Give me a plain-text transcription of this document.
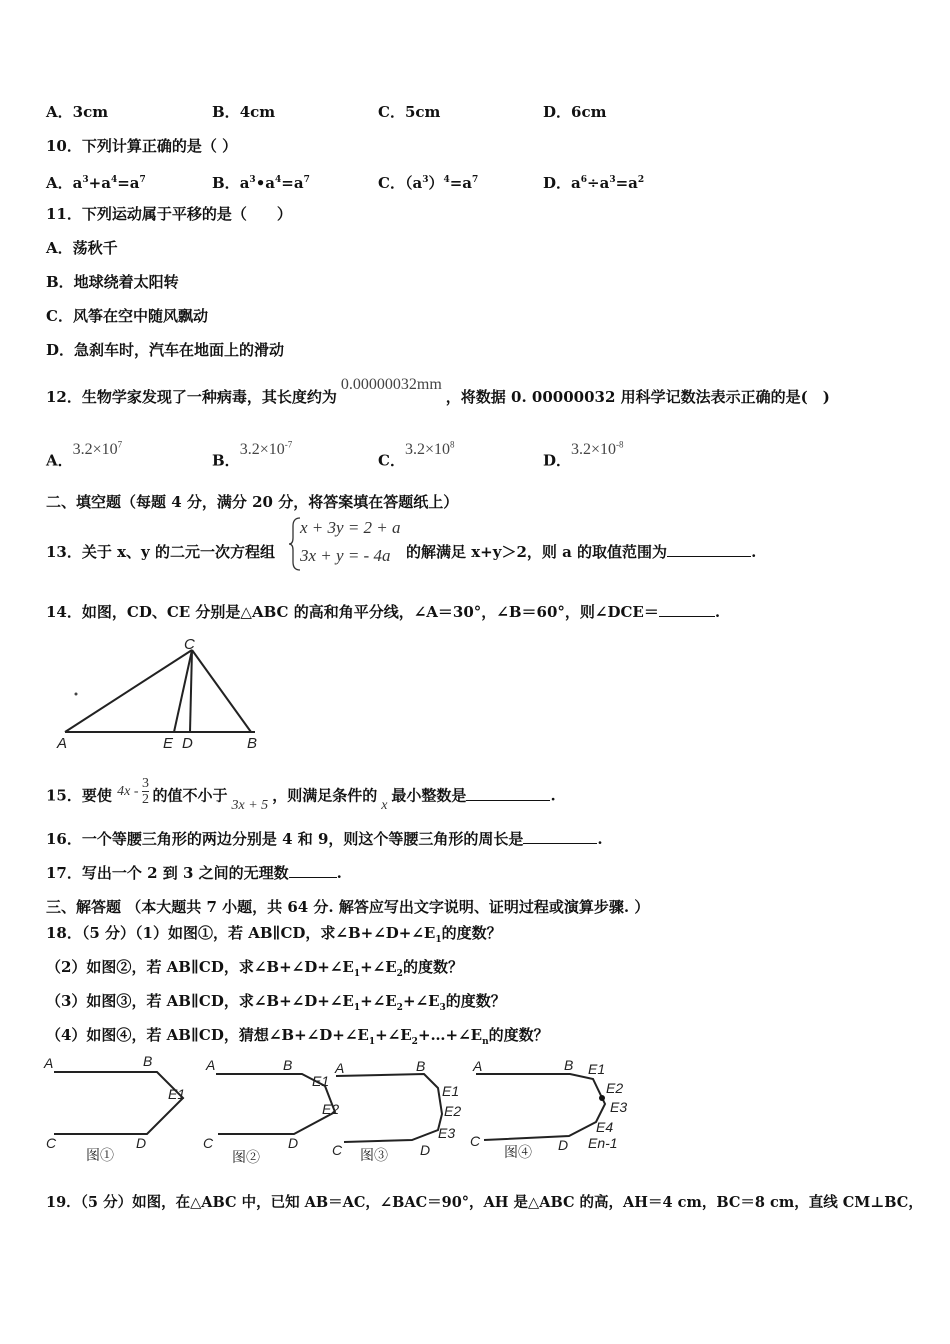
A．3cm	B．4cm	C．5cm	D．6cm
10．下列计算正确的是（ ）
A．$a^3+a^4=a^7$	B．$a^3•a^4=a^7$	C．$(a^3)^4=a^7$	D．$a^6\div a^3=a^2$
11．下列运动属于平移的是（　　）
A．荡秋千
B．地球绕着太阳转
C．风筝在空中随风飘动
D．急刹车时，汽车在地面上的滑动
12．生物学家发现了一种病毒，其长度约为0.00000032mm，将数据 0. 00000032 用科学记数法表示正确的是(　)
A．$3.2\times 10^7$
B．$3.2\times 10^{-7}$
C．$3.2\times 10^8$
D．$3.2\times 10^{-8}$
二、填空题（每题 4 分，满分 20 分，将答案填在答题纸上）
13．关于 x、y 的二元一次方程组
x + 3y = 2 + a
3x + y = - 4a 的解满足 x+y＞2，则 a 的取值范围为	.
14．如图，CD、CE 分别是△ABC 的高和角平分线，∠A＝30°，∠B＝60°，则∠DCE＝	.
C
A	E D	B
15．要使 $4x - \frac{3}{2}$ 的值不小于3x + 5，则满足条件的x最小整数是	.
16．一个等腰三角形的两边分别是 4 和 9，则这个等腰三角形的周长是	.
17．写出一个 2 到 3 之间的无理数	.
三、解答题 （本大题共 7 小题，共 64 分. 解答应写出文字说明、证明过程或演算步骤. ）
18．（5 分）（1）如图①，若 AB∥CD，求$\angle B+\angle D+\angle E_1$的度数？
（2）如图②，若 AB∥CD，求$\angle B+\angle D+\angle E_1+\angle E_2$的度数？
（3）如图③，若 AB∥CD，求$\angle B+\angle D+\angle E_1+\angle E_2+\angle E_3$的度数？
（4）如图④，若 AB∥CD，猜想$\angle B+\angle D+\angle E_1+\angle E_2+\dots+\angle E_n$的度数？
A	B
E1
C	D
A	B
E1
E2
C	D
A	B
E1
E2
E3
C	D
A	B E1
E2
E3
E4
En-1
C	D
图①	图②	图③	图④
19．（5 分）如图，在△ABC 中，已知 AB＝AC，∠BAC＝90°，AH 是△ABC 的高，AH＝4 cm，BC＝8 cm，直线 CM⊥BC，
